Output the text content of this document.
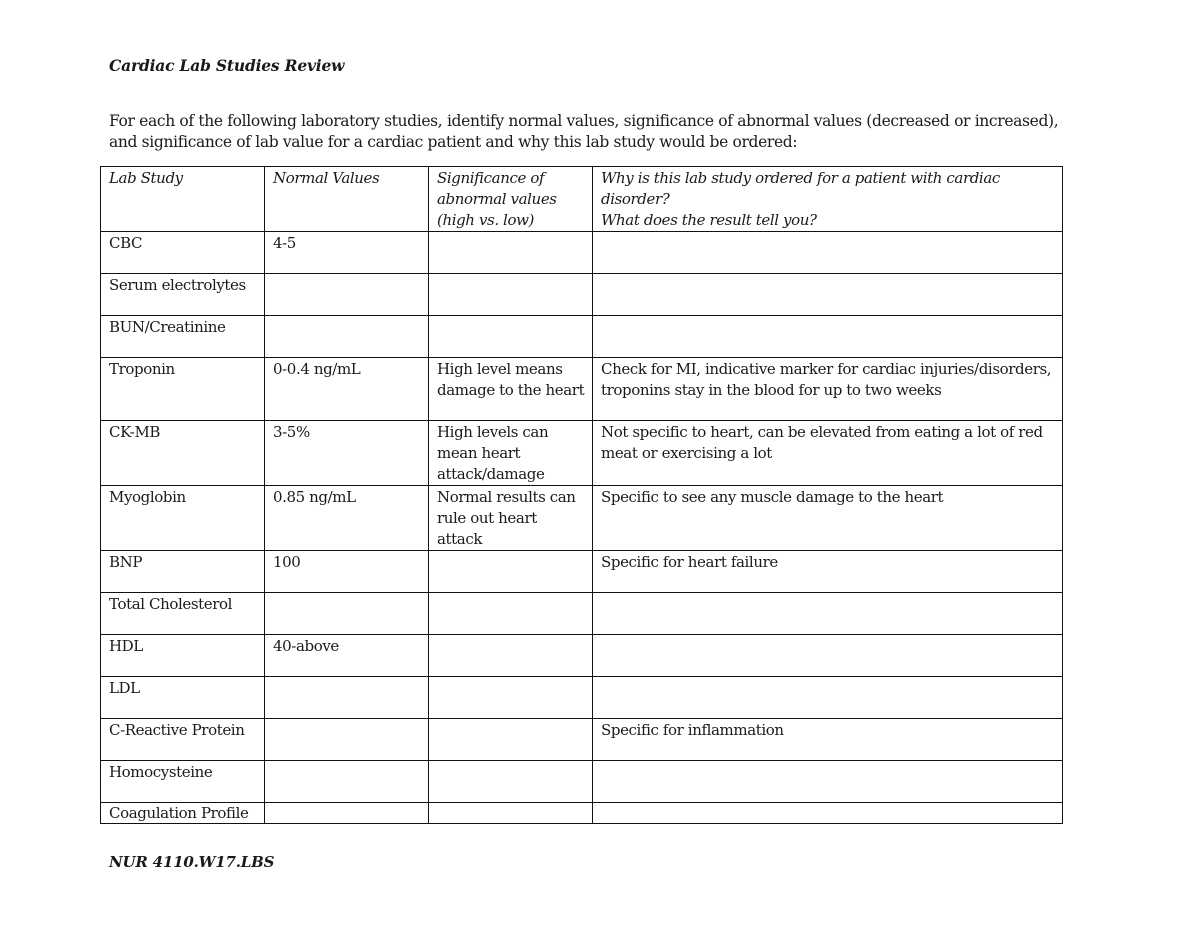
Cardiac Lab Studies Review
For each of the following laboratory studies, identify normal values, significance of abnormal values (decreased or increased), and significance of lab value for a cardiac patient and why this lab study would be ordered:
Lab Study	Normal Values	Significance of abnormal values (high vs. low)	Why is this lab study ordered for a patient with cardiac disorder?
What does the result tell you?

CBC	4-5		
Serum electrolytes			
BUN/Creatinine			
Troponin	0-0.4 ng/mL	High level means damage to the heart	Check for MI, indicative marker for cardiac injuries/disorders, troponins stay in the blood for up to two weeks
CK-MB	3-5%	High levels can mean heart attack/damage	Not specific to heart, can be elevated from eating a lot of red meat or exercising a lot
Myoglobin	0.85 ng/mL	Normal results can rule out heart attack	Specific to see any muscle damage to the heart
BNP	100		Specific for heart failure
Total Cholesterol			
HDL	40-above		
LDL			
C-Reactive Protein			Specific for inflammation
Homocysteine			
Coagulation Profile			
NUR 4110.W17.LBS
